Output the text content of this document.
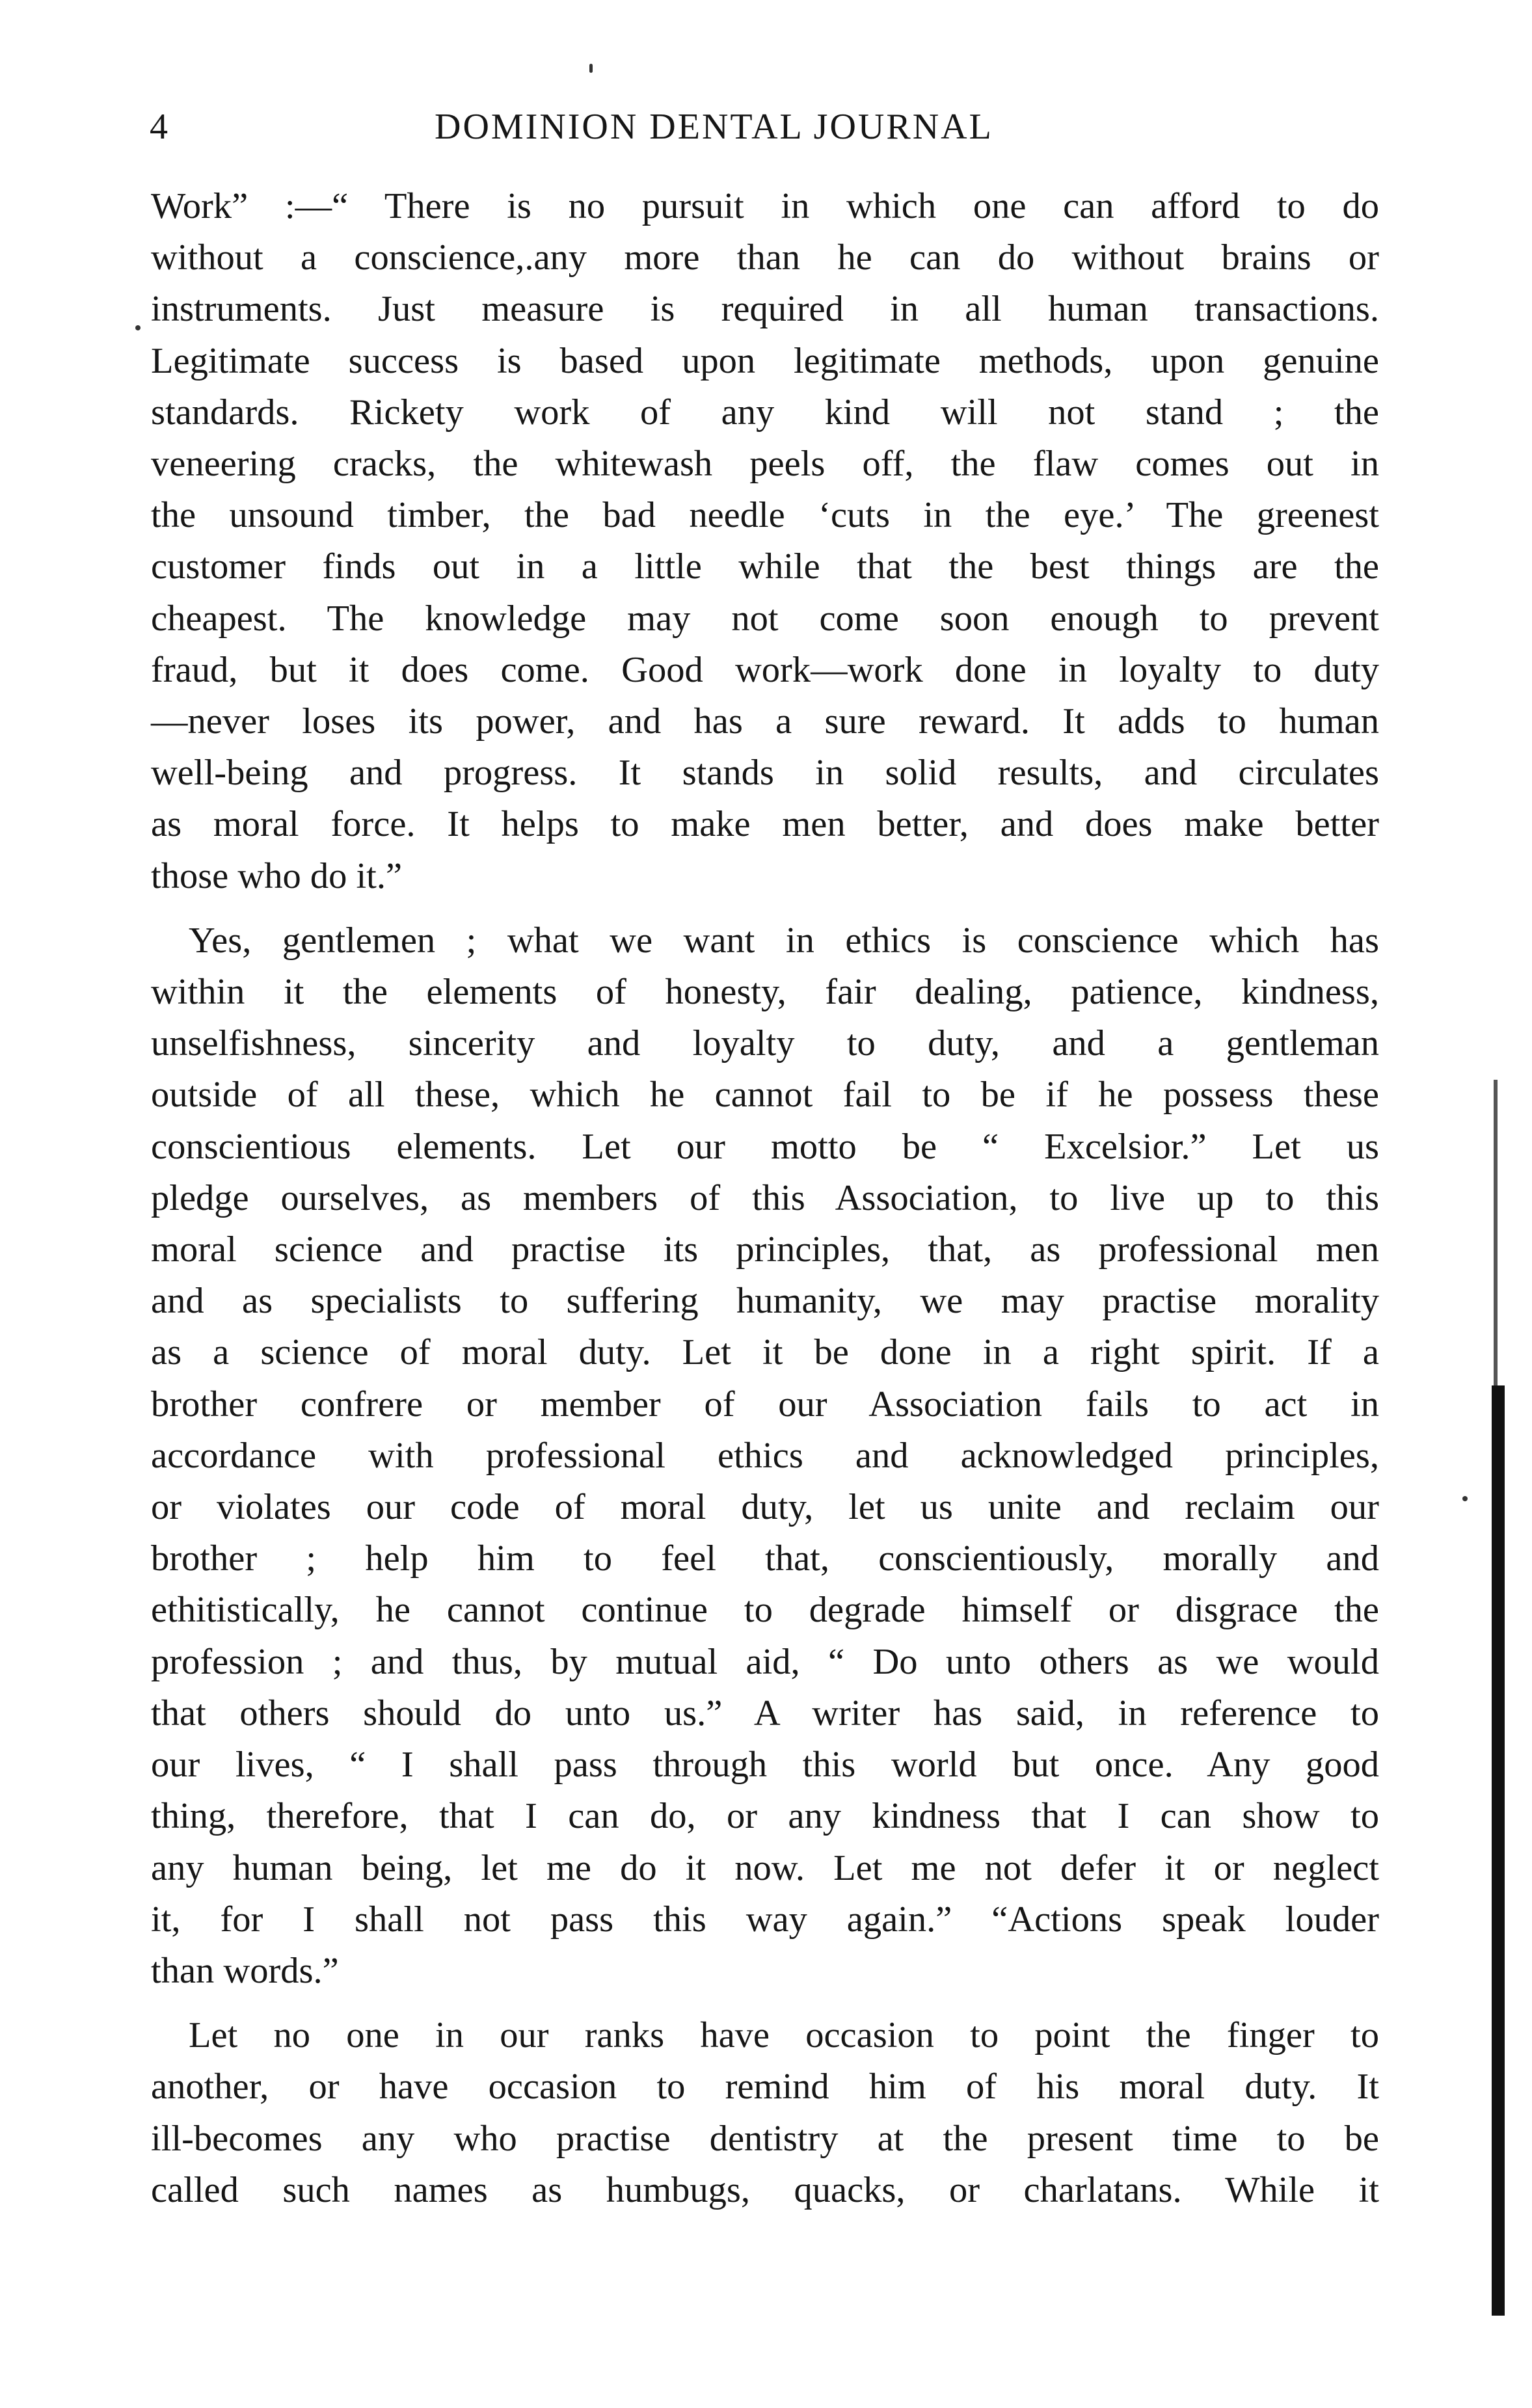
4	DOMINION DENTAL JOURNAL

Work” :—“ There is no pursuit in which one can afford to do
without a conscience,.any more than he can do without brains or
instruments. Just measure is required in all human transactions.
Legitimate success is based upon legitimate methods, upon genuine
standards. Rickety work of any kind will not stand ; the
veneering cracks, the whitewash peels off, the flaw comes out in
the unsound timber, the bad needle ‘cuts in the eye.’ The greenest
customer finds out in a little while that the best things are the
cheapest. The knowledge may not come soon enough to prevent
fraud, but it does come. Good work—work done in loyalty to duty
—never loses its power, and has a sure reward. It adds to human
well-being and progress. It stands in solid results, and circulates
as moral force. It helps to make men better, and does make better
those who do it.”

Yes, gentlemen ; what we want in ethics is conscience which has
within it the elements of honesty, fair dealing, patience, kindness,
unselfishness, sincerity and loyalty to duty, and a gentleman
outside of all these, which he cannot fail to be if he possess these
conscientious elements. Let our motto be “ Excelsior.” Let us
pledge ourselves, as members of this Association, to live up to this
moral science and practise its principles, that, as professional men
and as specialists to suffering humanity, we may practise morality
as a science of moral duty. Let it be done in a right spirit. If a
brother confrere or member of our Association fails to act in
accordance with professional ethics and acknowledged principles,
or violates our code of moral duty, let us unite and reclaim our
brother ; help him to feel that, conscientiously, morally and
ethitistically, he cannot continue to degrade himself or disgrace the
profession ; and thus, by mutual aid, “ Do unto others as we would
that others should do unto us.” A writer has said, in reference to
our lives, “ I shall pass through this world but once. Any good
thing, therefore, that I can do, or any kindness that I can show to
any human being, let me do it now. Let me not defer it or neglect
it, for I shall not pass this way again.” “Actions speak louder
than words.”

Let no one in our ranks have occasion to point the finger to
another, or have occasion to remind him of his moral duty. It
ill-becomes any who practise dentistry at the present time to be
called such names as humbugs, quacks, or charlatans. While it
